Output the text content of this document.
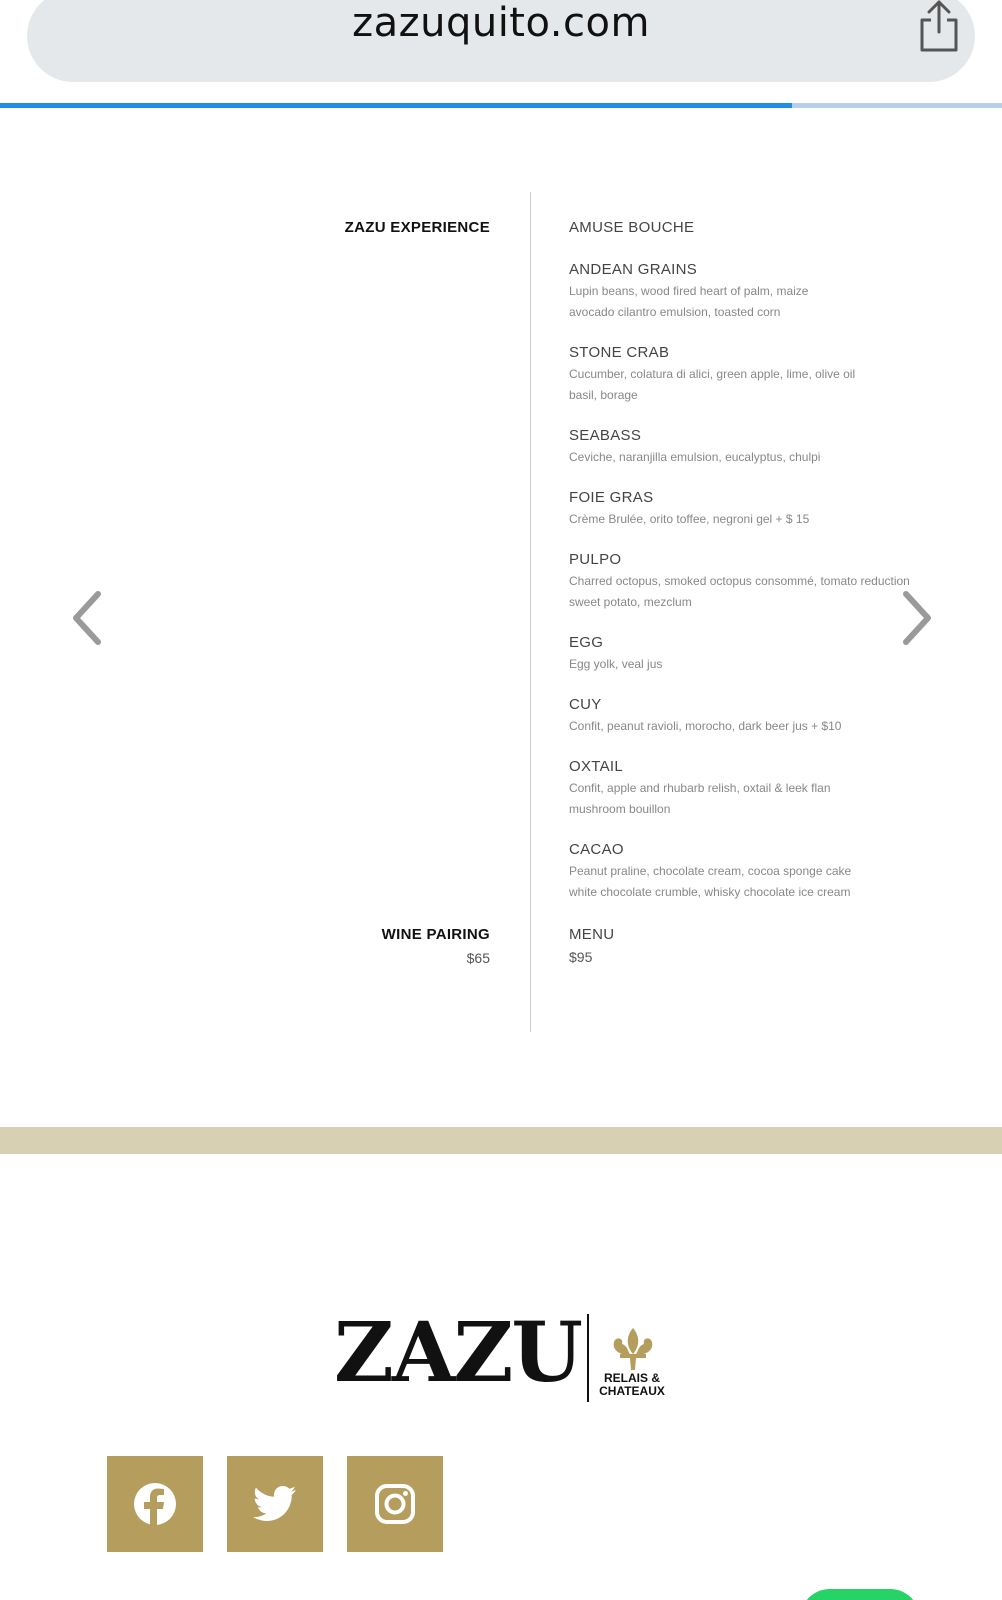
zazuquito.com
ZAZU EXPERIENCE
WINE PAIRING
$65
AMUSE BOUCHE
ANDEAN GRAINS
Lupin beans, wood fired heart of palm, maize
avocado cilantro emulsion, toasted corn
STONE CRAB
Cucumber, colatura di alici, green apple, lime, olive oil
basil, borage
SEABASS
Ceviche, naranjilla emulsion, eucalyptus, chulpi
FOIE GRAS
Crème Brulée, orito toffee, negroni gel + $ 15
PULPO
Charred octopus, smoked octopus consommé, tomato reduction
sweet potato, mezclum
EGG
Egg yolk, veal jus
CUY
Confit, peanut ravioli, morocho, dark beer jus + $10
OXTAIL
Confit, apple and rhubarb relish, oxtail & leek flan
mushroom bouillon
CACAO
Peanut praline, chocolate cream, cocoa sponge cake
white chocolate crumble, whisky chocolate ice cream
MENU
$95
ZAZU	RELAIS &
CHATEAUX
